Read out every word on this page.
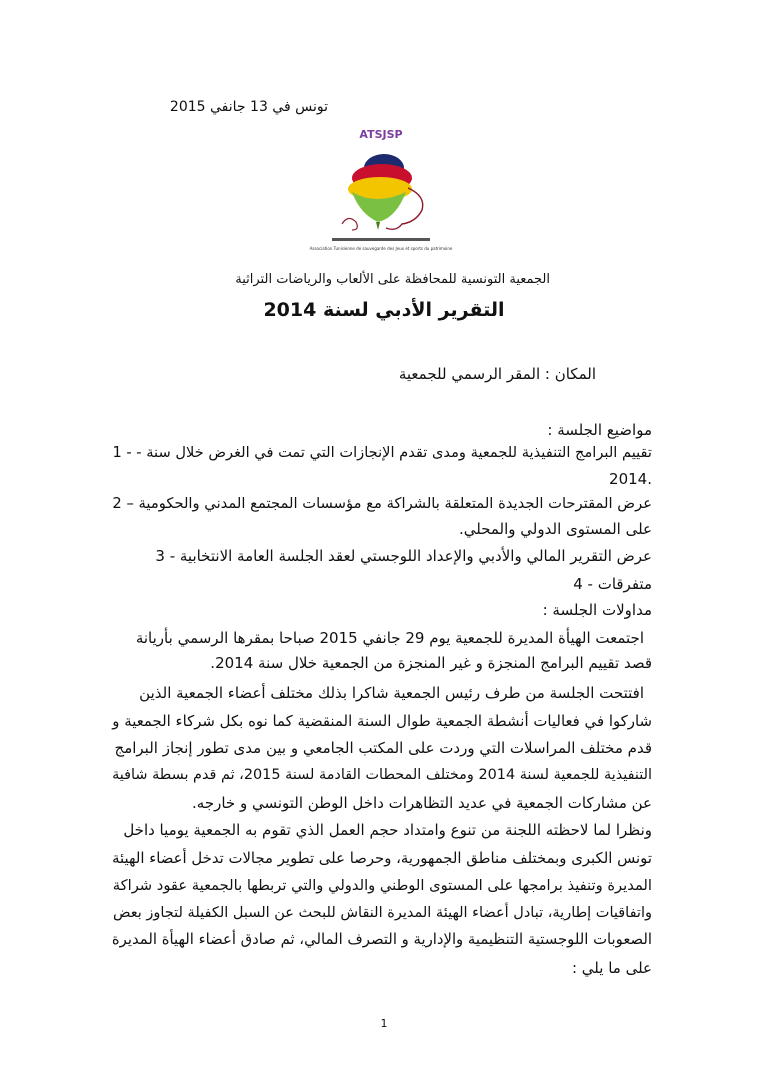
تونس في 13 جانفي 2015
ATSJSP
Association Tunisienne de sauvegarde des Jeux et sports du patrimoine
الجمعية التونسية للمحافظة على الألعاب والرياضات التراثية
التقرير الأدبي لسنة 2014
المكان : المقر الرسمي للجمعية
مواضيع الجلسة :
تقييم البرامج التنفيذية للجمعية ومدى تقدم الإنجازات التي تمت في الغرض خلال سنة - - 1
2014.
عرض المقترحات الجديدة المتعلقة بالشراكة مع مؤسسات المجتمع المدني والحكومية – 2
على المستوى الدولي والمحلي.
عرض التقرير المالي والأدبي والإعداد اللوجستي لعقد الجلسة العامة الانتخابية - 3
متفرقات - 4
مداولات الجلسة :
اجتمعت الهيأة المديرة للجمعية يوم 29 جانفي 2015 صباحا بمقرها الرسمي بأريانة
قصد تقييم البرامج المنجزة و غير المنجزة من الجمعية خلال سنة 2014.
افتتحت الجلسة من طرف رئيس الجمعية شاكرا بذلك مختلف أعضاء الجمعية الذين
شاركوا في فعاليات أنشطة الجمعية طوال السنة المنقضية كما نوه بكل شركاء الجمعية و
قدم مختلف المراسلات التي وردت على المكتب الجامعي و بين مدى تطور إنجاز البرامج
التنفيذية للجمعية لسنة 2014 ومختلف المحطات القادمة لسنة 2015، ثم قدم بسطة شافية
عن مشاركات الجمعية في عديد التظاهرات داخل الوطن التونسي و خارجه.
ونظرا لما لاحظته اللجنة من تنوع وامتداد حجم العمل الذي تقوم به الجمعية يوميا داخل
تونس الكبرى وبمختلف مناطق الجمهورية، وحرصا على تطوير مجالات تدخل أعضاء الهيئة
المديرة وتنفيذ برامجها على المستوى الوطني والدولي والتي تربطها بالجمعية عقود شراكة
واتفاقيات إطارية، تبادل أعضاء الهيئة المديرة النقاش للبحث عن السبل الكفيلة لتجاوز بعض
الصعوبات اللوجستية التنظيمية والإدارية و التصرف المالي، ثم صادق أعضاء الهيأة المديرة
على ما يلي :
1
